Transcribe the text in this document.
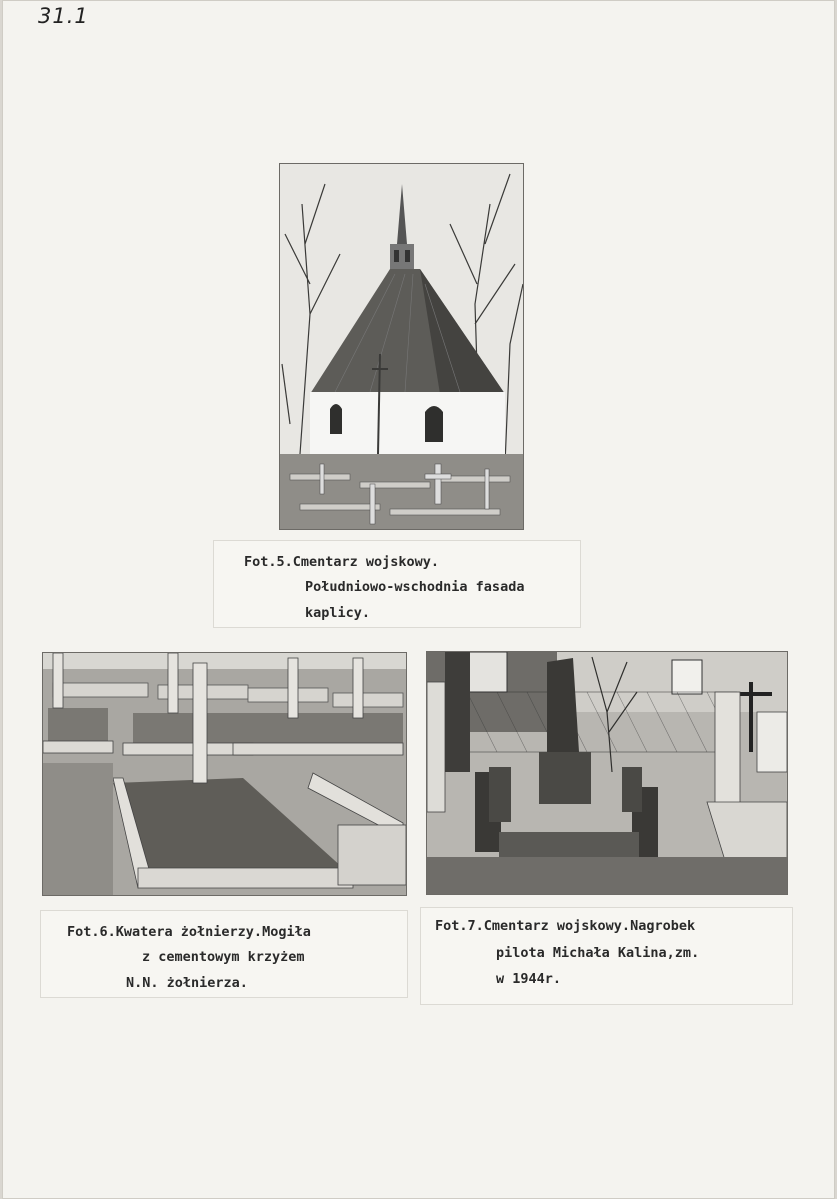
31.1

Fot.5.Cmentarz wojskowy.

Południowo-wschodnia fasada

kaplicy.

Fot.6.Kwatera żołnierzy.Mogiła

z cementowym krzyżem

N.N. żołnierza.

Fot.7.Cmentarz wojskowy.Nagrobek

pilota Michała Kalina,zm.

w 1944r.
